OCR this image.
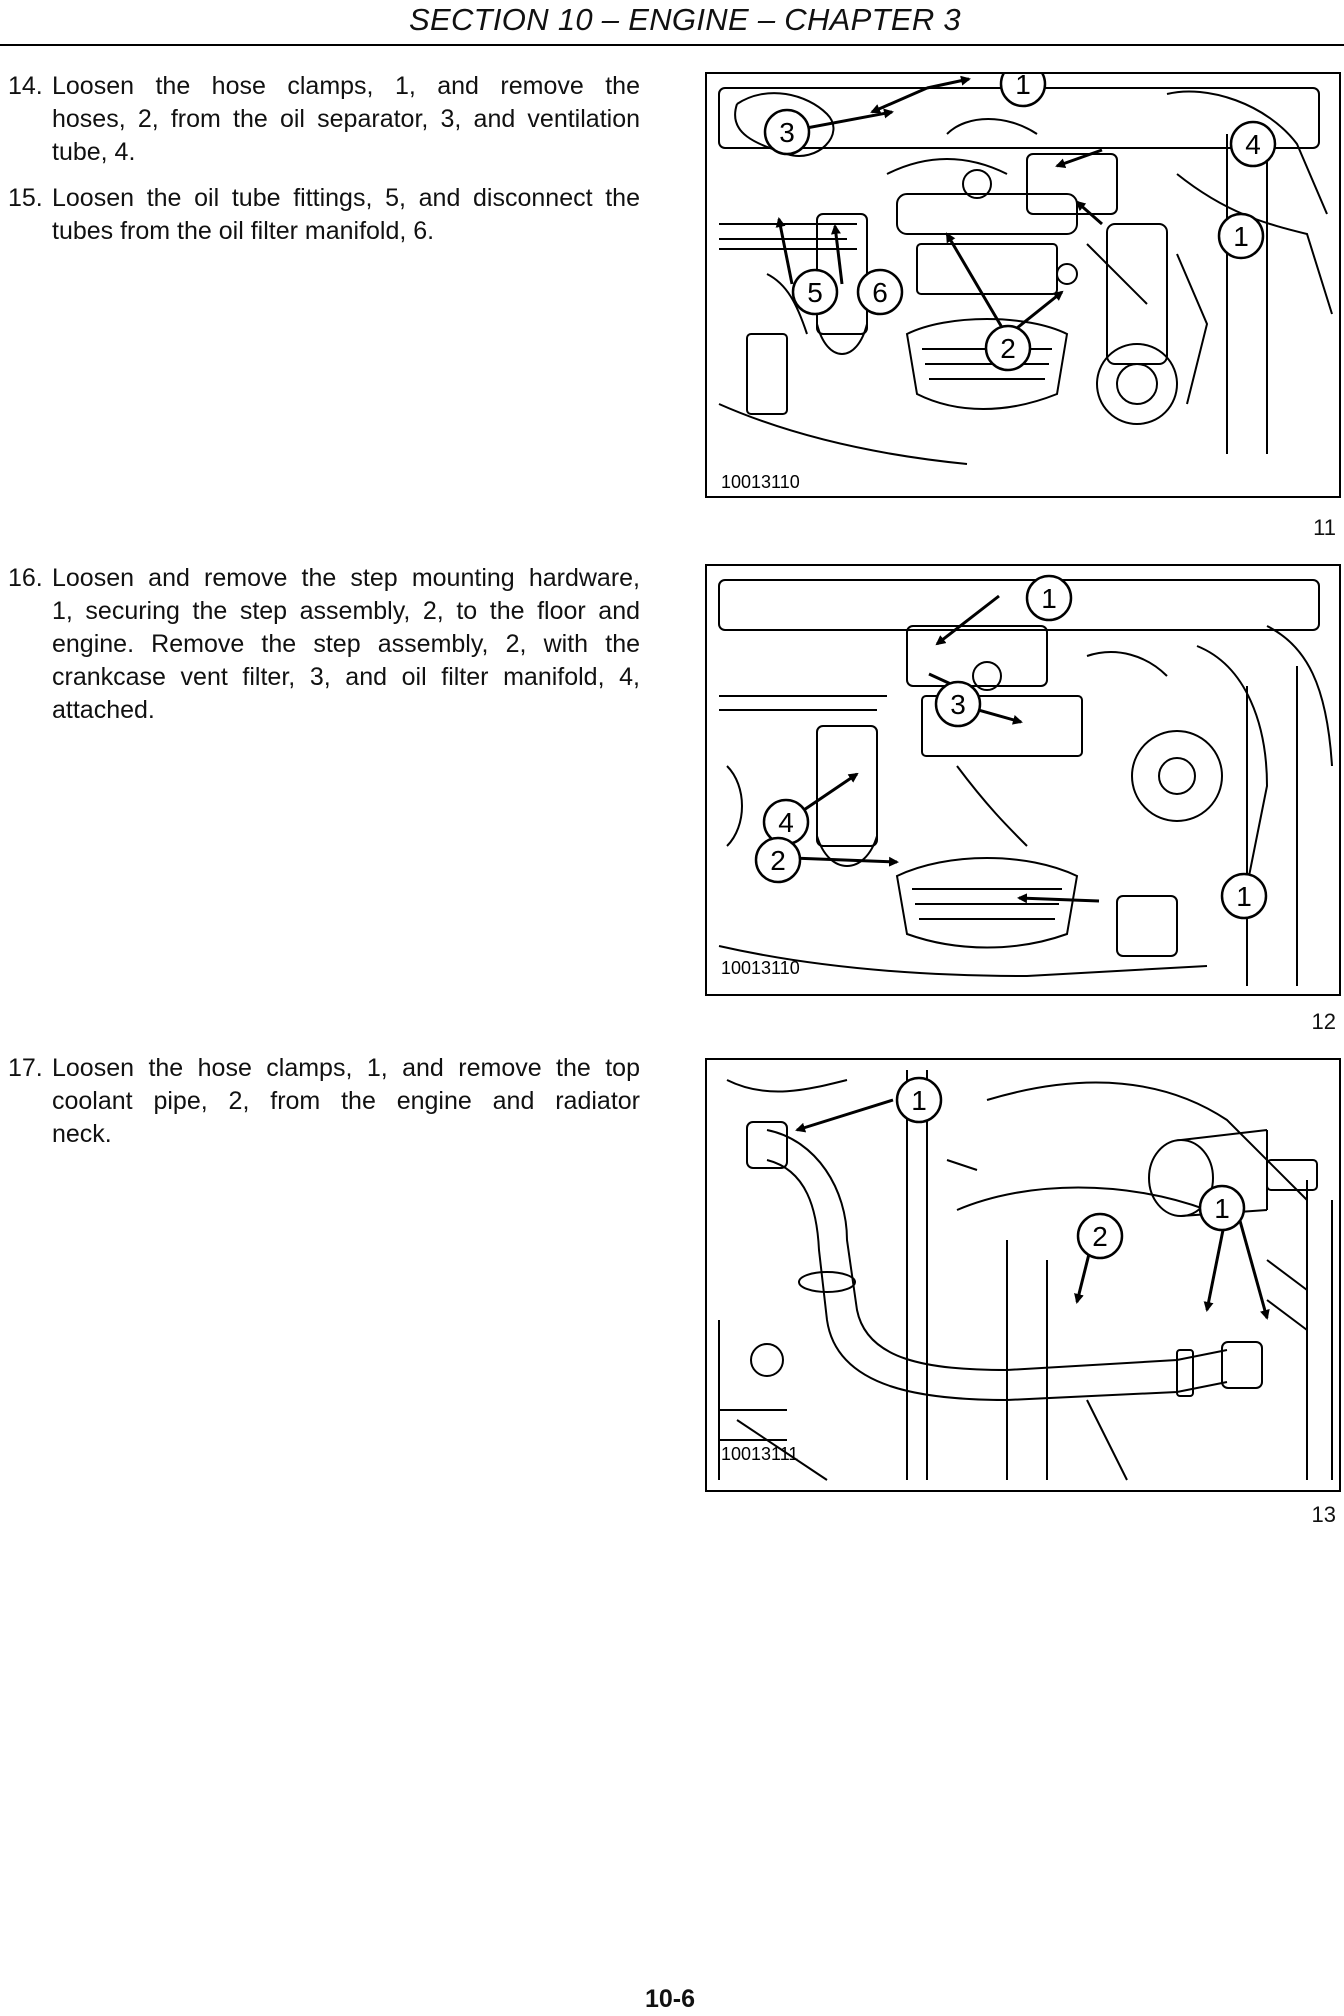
SECTION 10 – ENGINE – CHAPTER 3
14. Loosen the hose clamps, 1, and remove the
hoses, 2, from the oil separator, 3, and ventilation
tube, 4.
15. Loosen the oil tube fittings, 5, and disconnect the
tubes from the oil filter manifold, 6.
16. Loosen and remove the step mounting hardware,
1, securing the step assembly, 2, to the floor and
engine. Remove the step assembly, 2, with the
crankcase vent filter, 3, and oil filter manifold, 4,
attached.
17. Loosen the hose clamps, 1, and remove the top
coolant pipe, 2, from the engine and radiator
neck.
1
3	4
1
5 6
2
10013110
11
1
3
4
2
1
10013110
12
1
1
2
10013111
13
10-6
